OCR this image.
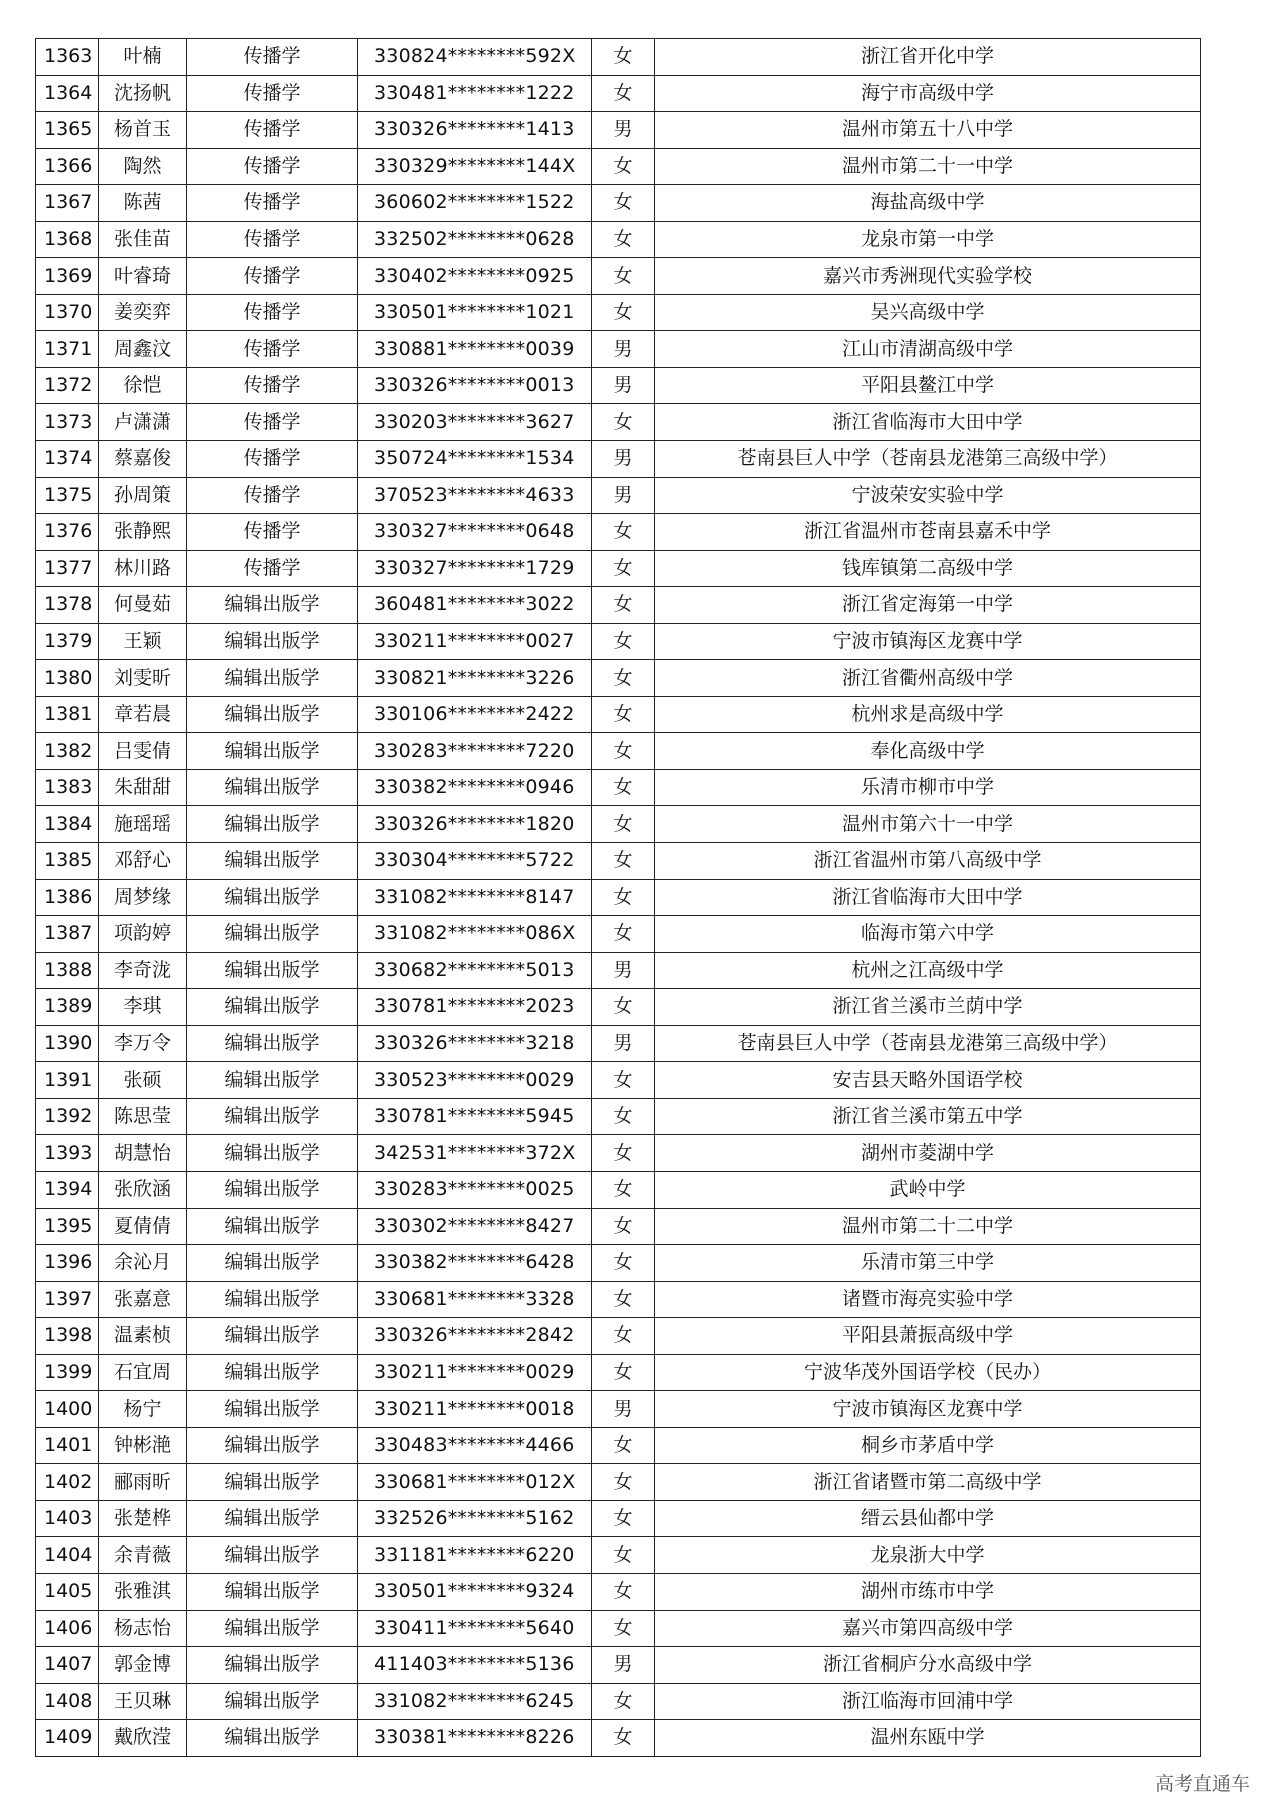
1363	叶楠	传播学	330824********592X	女	浙江省开化中学
1364	沈扬帆	传播学	330481********1222	女	海宁市高级中学
1365	杨首玉	传播学	330326********1413	男	温州市第五十八中学
1366	陶然	传播学	330329********144X	女	温州市第二十一中学
1367	陈茜	传播学	360602********1522	女	海盐高级中学
1368	张佳苗	传播学	332502********0628	女	龙泉市第一中学
1369	叶睿琦	传播学	330402********0925	女	嘉兴市秀洲现代实验学校
1370	姜奕弈	传播学	330501********1021	女	吴兴高级中学
1371	周鑫汶	传播学	330881********0039	男	江山市清湖高级中学
1372	徐恺	传播学	330326********0013	男	平阳县鳌江中学
1373	卢潇潇	传播学	330203********3627	女	浙江省临海市大田中学
1374	蔡嘉俊	传播学	350724********1534	男	苍南县巨人中学（苍南县龙港第三高级中学）
1375	孙周策	传播学	370523********4633	男	宁波荣安实验中学
1376	张静熙	传播学	330327********0648	女	浙江省温州市苍南县嘉禾中学
1377	林川路	传播学	330327********1729	女	钱库镇第二高级中学
1378	何曼茹	编辑出版学	360481********3022	女	浙江省定海第一中学
1379	王颖	编辑出版学	330211********0027	女	宁波市镇海区龙赛中学
1380	刘雯昕	编辑出版学	330821********3226	女	浙江省衢州高级中学
1381	章若晨	编辑出版学	330106********2422	女	杭州求是高级中学
1382	吕雯倩	编辑出版学	330283********7220	女	奉化高级中学
1383	朱甜甜	编辑出版学	330382********0946	女	乐清市柳市中学
1384	施瑶瑶	编辑出版学	330326********1820	女	温州市第六十一中学
1385	邓舒心	编辑出版学	330304********5722	女	浙江省温州市第八高级中学
1386	周梦缘	编辑出版学	331082********8147	女	浙江省临海市大田中学
1387	项韵婷	编辑出版学	331082********086X	女	临海市第六中学
1388	李奇泷	编辑出版学	330682********5013	男	杭州之江高级中学
1389	李琪	编辑出版学	330781********2023	女	浙江省兰溪市兰荫中学
1390	李万令	编辑出版学	330326********3218	男	苍南县巨人中学（苍南县龙港第三高级中学）
1391	张硕	编辑出版学	330523********0029	女	安吉县天略外国语学校
1392	陈思莹	编辑出版学	330781********5945	女	浙江省兰溪市第五中学
1393	胡慧怡	编辑出版学	342531********372X	女	湖州市菱湖中学
1394	张欣涵	编辑出版学	330283********0025	女	武岭中学
1395	夏倩倩	编辑出版学	330302********8427	女	温州市第二十二中学
1396	余沁月	编辑出版学	330382********6428	女	乐清市第三中学
1397	张嘉意	编辑出版学	330681********3328	女	诸暨市海亮实验中学
1398	温素桢	编辑出版学	330326********2842	女	平阳县萧振高级中学
1399	石宜周	编辑出版学	330211********0029	女	宁波华茂外国语学校（民办）
1400	杨宁	编辑出版学	330211********0018	男	宁波市镇海区龙赛中学
1401	钟彬滟	编辑出版学	330483********4466	女	桐乡市茅盾中学
1402	郦雨昕	编辑出版学	330681********012X	女	浙江省诸暨市第二高级中学
1403	张楚桦	编辑出版学	332526********5162	女	缙云县仙都中学
1404	余青薇	编辑出版学	331181********6220	女	龙泉浙大中学
1405	张雅淇	编辑出版学	330501********9324	女	湖州市练市中学
1406	杨志怡	编辑出版学	330411********5640	女	嘉兴市第四高级中学
1407	郭金博	编辑出版学	411403********5136	男	浙江省桐庐分水高级中学
1408	王贝琳	编辑出版学	331082********6245	女	浙江临海市回浦中学
1409	戴欣滢	编辑出版学	330381********8226	女	温州东瓯中学
高考直通车
